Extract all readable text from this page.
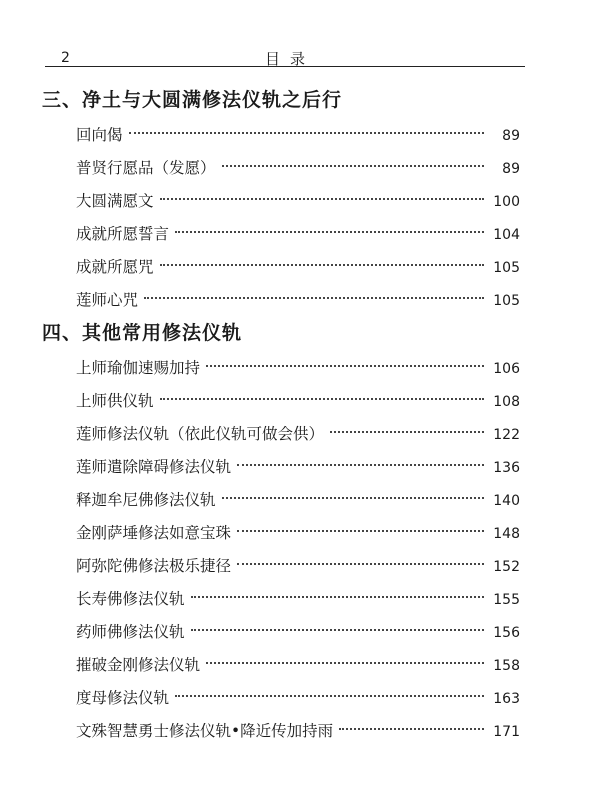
2	目录
三、净土与大圆满修法仪轨之后行
回向偈	89
普贤行愿品（发愿）	89
大圆满愿文	100
成就所愿誓言	104
成就所愿咒	105
莲师心咒	105
四、其他常用修法仪轨
上师瑜伽速赐加持	106
上师供仪轨	108
莲师修法仪轨（依此仪轨可做会供）	122
莲师遣除障碍修法仪轨	136
释迦牟尼佛修法仪轨	140
金刚萨埵修法如意宝珠	148
阿弥陀佛修法极乐捷径	152
长寿佛修法仪轨	155
药师佛修法仪轨	156
摧破金刚修法仪轨	158
度母修法仪轨	163
文殊智慧勇士修法仪轨•降近传加持雨	171
